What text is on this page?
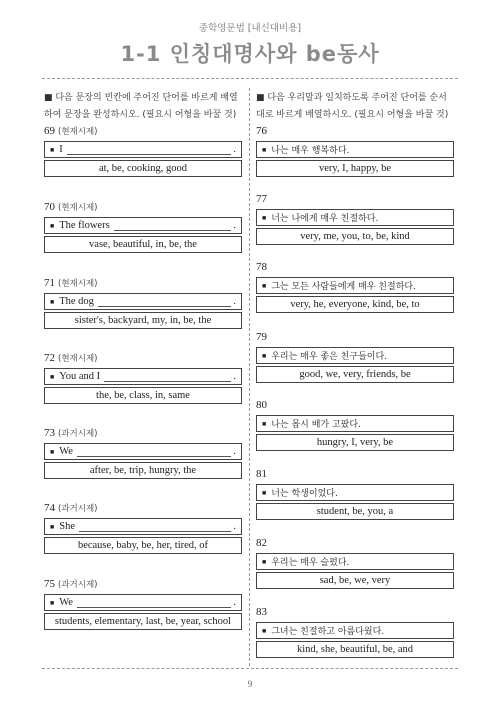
중학영문법 [내신대비용]
1-1 인칭대명사와 be동사
■ 다음 문장의 빈칸에 주어진 단어를 바르게 배열하여 문장을 완성하시오. (필요시 어형을 바꿀 것)
69 (현재시제)
■ I	.
at, be, cooking, good
70 (현재시제)
■ The flowers	.
vase, beautiful, in, be, the
71 (현재시제)
■ The dog	.
sister's, backyard, my, in, be, the
72 (현재시제)
■ You and I	.
the, be, class, in, same
73 (과거시제)
■ We	.
after, be, trip, hungry, the
74 (과거시제)
■ She	.
because, baby, be, her, tired, of
75 (과거시제)
■ We	.
students, elementary, last, be, year, school
■ 다음 우리말과 일치하도록 주어진 단어를 순서대로 바르게 배열하시오. (필요시 어형을 바꿀 것)
76
■ 나는 매우 행복하다.
very, I, happy, be
77
■ 너는 나에게 매우 친절하다.
very, me, you, to, be, kind
78
■ 그는 모든 사람들에게 매우 친절하다.
very, he, everyone, kind, be, to
79
■ 우리는 매우 좋은 친구들이다.
good, we, very, friends, be
80
■ 나는 몹시 배가 고팠다.
hungry, I, very, be
81
■ 너는 학생이었다.
student, be, you, a
82
■ 우리는 매우 슬펐다.
sad, be, we, very
83
■ 그녀는 친절하고 아름다웠다.
kind, she, beautiful, be, and
9
